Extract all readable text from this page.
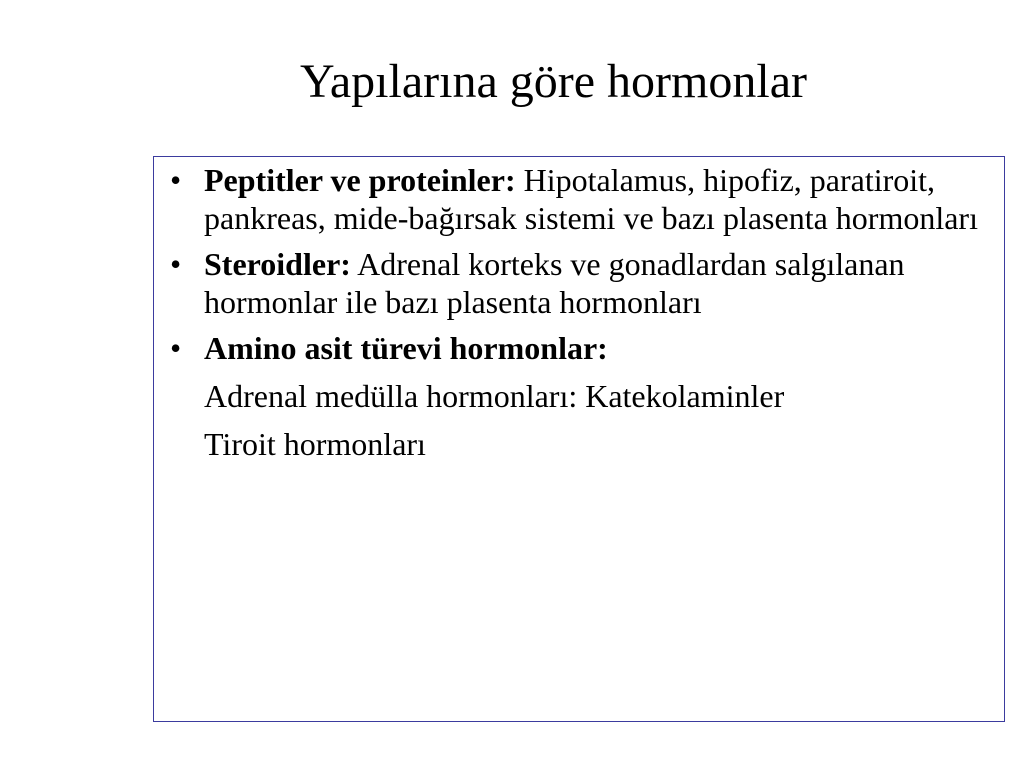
Yapılarına göre hormonlar
• Peptitler ve proteinler: Hipotalamus, hipofiz, paratiroit, pankreas, mide-bağırsak sistemi ve bazı plasenta hormonları
• Steroidler: Adrenal korteks ve gonadlardan salgılanan hormonlar ile bazı plasenta hormonları
• Amino asit türevi hormonlar:
Adrenal medülla hormonları: Katekolaminler
Tiroit hormonları
